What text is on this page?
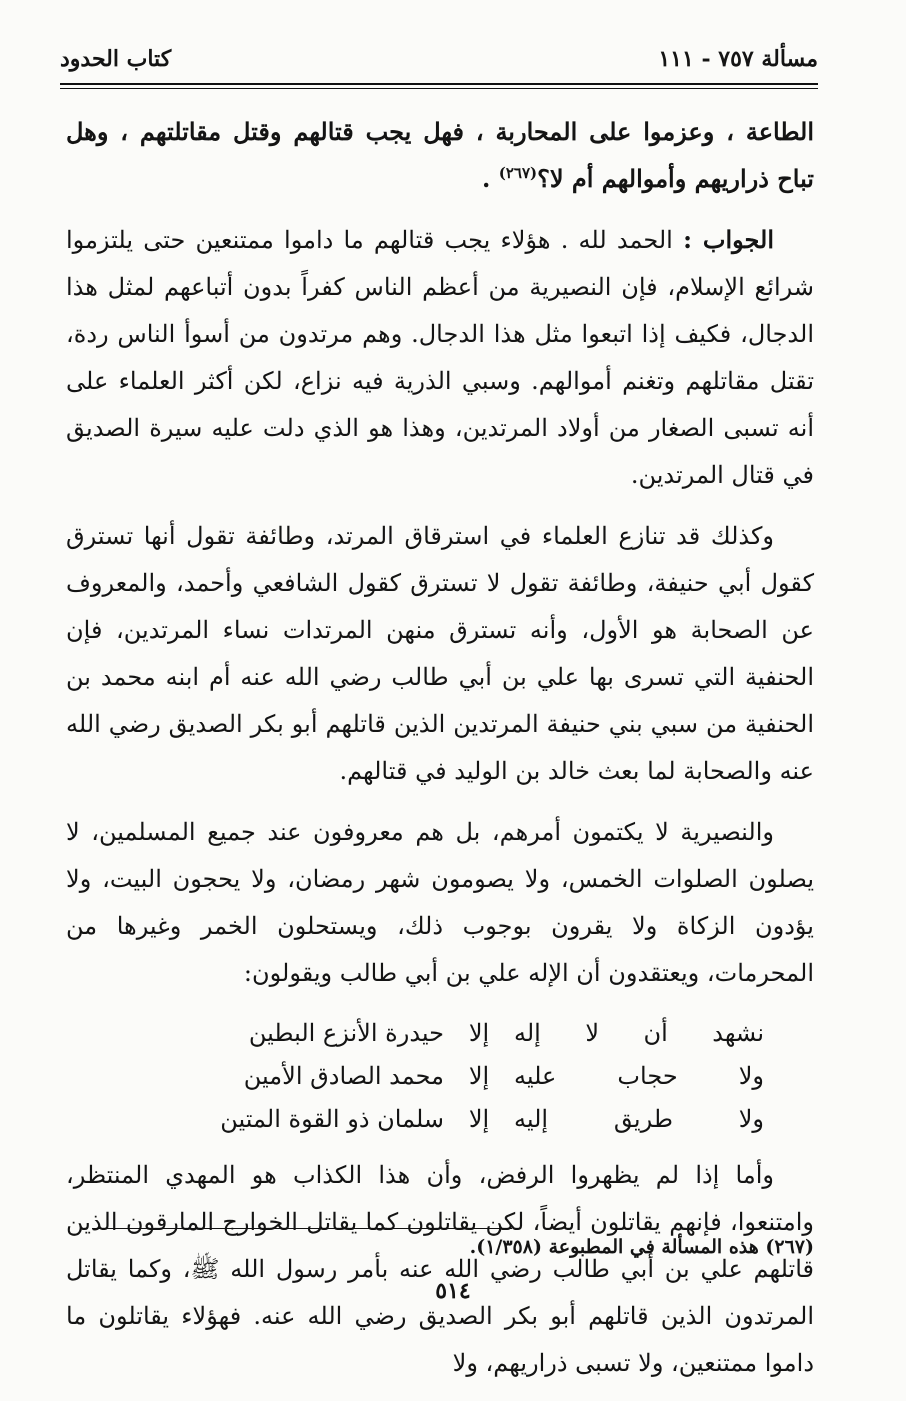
مسألة ٧٥٧ - ١١١
كتاب الحدود

الطاعة ، وعزموا على المحاربة ، فهل يجب قتالهم وقتل مقاتلتهم ، وهل تباح ذراريهم وأموالهم أم لا؟$^{(٢٦٧)}$ .

الجواب : الحمد لله . هؤلاء يجب قتالهم ما داموا ممتنعين حتى يلتزموا شرائع الإسلام، فإن النصيرية من أعظم الناس كفراً بدون أتباعهم لمثل هذا الدجال، فكيف إذا اتبعوا مثل هذا الدجال. وهم مرتدون من أسوأ الناس ردة، تقتل مقاتلهم وتغنم أموالهم. وسبي الذرية فيه نزاع، لكن أكثر العلماء على أنه تسبى الصغار من أولاد المرتدين، وهذا هو الذي دلت عليه سيرة الصديق في قتال المرتدين.

وكذلك قد تنازع العلماء في استرقاق المرتد، وطائفة تقول أنها تسترق كقول أبي حنيفة، وطائفة تقول لا تسترق كقول الشافعي وأحمد، والمعروف عن الصحابة هو الأول، وأنه تسترق منهن المرتدات نساء المرتدين، فإن الحنفية التي تسرى بها علي بن أبي طالب رضي الله عنه أم ابنه محمد بن الحنفية من سبي بني حنيفة المرتدين الذين قاتلهم أبو بكر الصديق رضي الله عنه والصحابة لما بعث خالد بن الوليد في قتالهم.

والنصيرية لا يكتمون أمرهم، بل هم معروفون عند جميع المسلمين، لا يصلون الصلوات الخمس، ولا يصومون شهر رمضان، ولا يحجون البيت، ولا يؤدون الزكاة ولا يقرون بوجوب ذلك، ويستحلون الخمر وغيرها من المحرمات، ويعتقدون أن الإله علي بن أبي طالب ويقولون:

نشهد أن لا إله
إلا
حيدرة الأنزع البطين
ولا حجاب عليه
إلا
محمد الصادق الأمين
ولا طريق إليه
إلا
سلمان ذو القوة المتين

وأما إذا لم يظهروا الرفض، وأن هذا الكذاب هو المهدي المنتظر، وامتنعوا، فإنهم يقاتلون أيضاً، لكن يقاتلون كما يقاتل الخوارج المارقون الذين قاتلهم علي بن أبي طالب رضي الله عنه بأمر رسول الله ﷺ، وكما يقاتل المرتدون الذين قاتلهم أبو بكر الصديق رضي الله عنه. فهؤلاء يقاتلون ما داموا ممتنعين، ولا تسبى ذراريهم، ولا

(٢٦٧) هذه المسألة في المطبوعة (١/٣٥٨).
٥١٤
